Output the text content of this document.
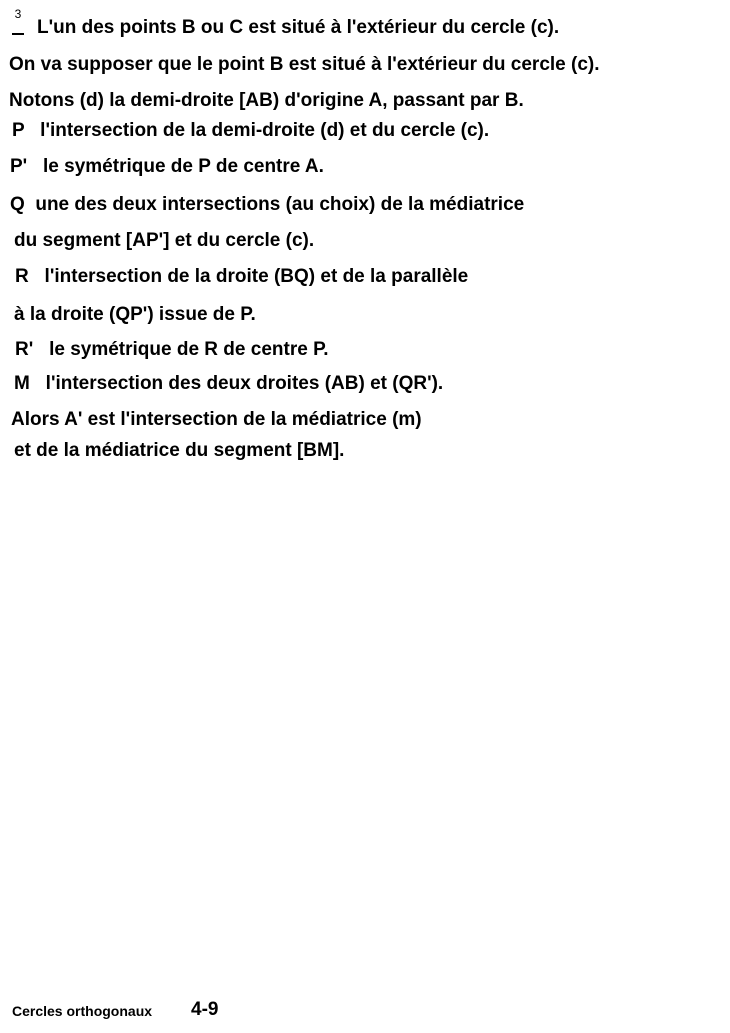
3
L'un des points B ou C est situé à l'extérieur du cercle (c).
On va supposer que le point B est situé à l'extérieur du cercle (c).
Notons (d) la demi-droite [AB) d'origine A, passant par B.
P   l'intersection de la demi-droite (d) et du cercle (c).
P'   le symétrique de P de centre A.
Q  une des deux intersections (au choix) de la médiatrice
du segment [AP'] et du cercle (c).
R   l'intersection de la droite (BQ) et de la parallèle
à la droite (QP') issue de P.
R'   le symétrique de R de centre P.
M   l'intersection des deux droites (AB) et (QR').
Alors A' est l'intersection de la médiatrice (m)
et de la médiatrice du segment [BM].
Cercles orthogonaux 4-9
